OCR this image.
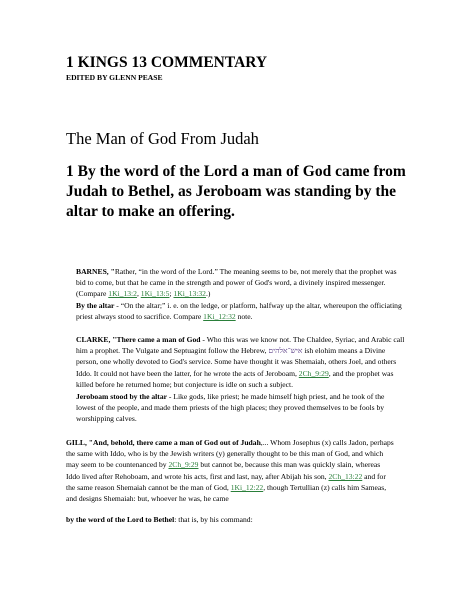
1 KINGS 13 COMMENTARY
EDITED BY GLENN PEASE
The Man of God From Judah

1 By the word of the Lord a man of God came from Judah to Bethel, as Jeroboam was standing by the altar to make an offering.

BARNES, "Rather, “in the word of the Lord.” The meaning seems to be, not merely that the prophet was bid to come, but that he came in the strength and power of God's word, a divinely inspired messenger. (Compare 1Ki_13:2, 1Ki_13:5; 1Ki_13:32.)

By the altar - “On the altar;” i. e. on the ledge, or platform, halfway up the altar, whereupon the officiating priest always stood to sacrifice. Compare 1Ki_12:32 note.

CLARKE, "There came a man of God - Who this was we know not. The Chaldee, Syriac, and Arabic call him a prophet. The Vulgate and Septuagint follow the Hebrew, איש־אלהים ish elohim means a Divine person, one wholly devoted to God's service. Some have thought it was Shemaiah, others Joel, and others Iddo. It could not have been the latter, for he wrote the acts of Jeroboam, 2Ch_9:29, and the prophet was killed before he returned home; but conjecture is idle on such a subject.

Jeroboam stood by the altar - Like gods, like priest; he made himself high priest, and he took of the lowest of the people, and made them priests of the high places; they proved themselves to be fools by worshipping calves.

GILL, "And, behold, there came a man of God out of Judah,... Whom Josephus (x) calls Jadon, perhaps the same with Iddo, who is by the Jewish writers (y) generally thought to be this man of God, and which may seem to be countenanced by 2Ch_9:29 but cannot be, because this man was quickly slain, whereas Iddo lived after Rehoboam, and wrote his acts, first and last, nay, after Abijah his son, 2Ch_13:22 and for the same reason Shemaiah cannot be the man of God, 1Ki_12:22, though Tertullian (z) calls him Sameas, and designs Shemaiah: but, whoever he was, he came

by the word of the Lord to Bethel: that is, by his command:
